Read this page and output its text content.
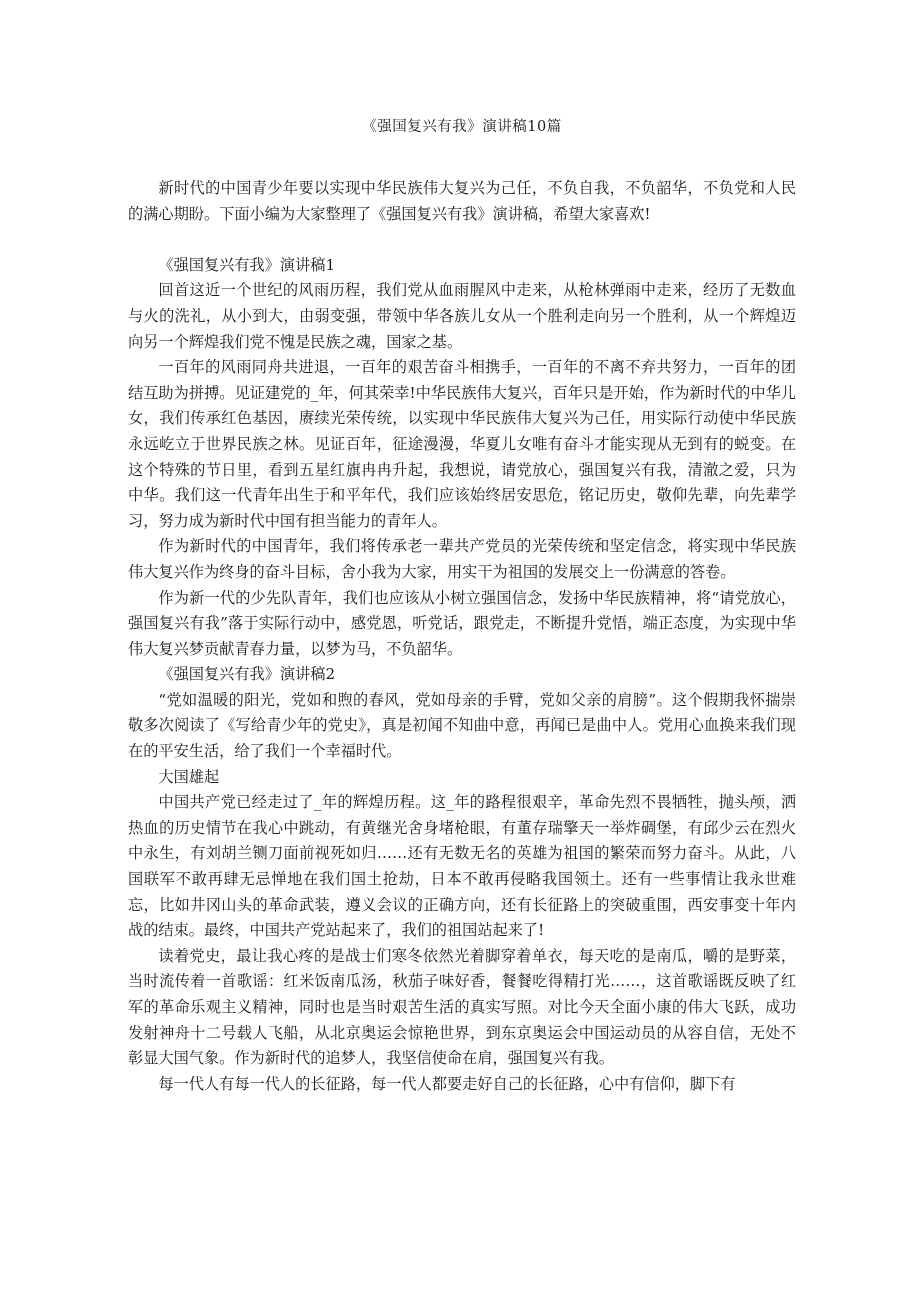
《强国复兴有我》演讲稿10篇

新时代的中国青少年要以实现中华民族伟大复兴为己任，不负自我，不负韶华，不负党和人民的满心期盼。下面小编为大家整理了《强国复兴有我》演讲稿，希望大家喜欢!

《强国复兴有我》演讲稿1

回首这近一个世纪的风雨历程，我们党从血雨腥风中走来，从枪林弹雨中走来，经历了无数血与火的洗礼，从小到大，由弱变强，带领中华各族儿女从一个胜利走向另一个胜利，从一个辉煌迈向另一个辉煌我们党不愧是民族之魂，国家之基。

一百年的风雨同舟共进退，一百年的艰苦奋斗相携手，一百年的不离不弃共努力，一百年的团结互助为拼搏。见证建党的_年，何其荣幸!中华民族伟大复兴，百年只是开始，作为新时代的中华儿女，我们传承红色基因，赓续光荣传统，以实现中华民族伟大复兴为己任，用实际行动使中华民族永远屹立于世界民族之林。见证百年，征途漫漫，华夏儿女唯有奋斗才能实现从无到有的蜕变。在这个特殊的节日里，看到五星红旗冉冉升起，我想说，请党放心，强国复兴有我，清澈之爱，只为中华。我们这一代青年出生于和平年代，我们应该始终居安思危，铭记历史，敬仰先辈，向先辈学习，努力成为新时代中国有担当能力的青年人。

作为新时代的中国青年，我们将传承老一辈共产党员的光荣传统和坚定信念，将实现中华民族伟大复兴作为终身的奋斗目标，舍小我为大家，用实干为祖国的发展交上一份满意的答卷。

作为新一代的少先队青年，我们也应该从小树立强国信念，发扬中华民族精神，将“请党放心，强国复兴有我”落于实际行动中，感党恩，听党话，跟党走，不断提升党悟，端正态度，为实现中华伟大复兴梦贡献青春力量，以梦为马，不负韶华。

《强国复兴有我》演讲稿2

“党如温暖的阳光，党如和煦的春风，党如母亲的手臂，党如父亲的肩膀”。这个假期我怀揣崇敬多次阅读了《写给青少年的党史》，真是初闻不知曲中意，再闻已是曲中人。党用心血换来我们现在的平安生活，给了我们一个幸福时代。

大国雄起

中国共产党已经走过了_年的辉煌历程。这_年的路程很艰辛，革命先烈不畏牺牲，抛头颅，洒热血的历史情节在我心中跳动，有黄继光舍身堵枪眼，有董存瑞擎天一举炸碉堡，有邱少云在烈火中永生，有刘胡兰铡刀面前视死如归……还有无数无名的英雄为祖国的繁荣而努力奋斗。从此，八国联军不敢再肆无忌惮地在我们国土抢劫，日本不敢再侵略我国领土。还有一些事情让我永世难忘，比如井冈山头的革命武装，遵义会议的正确方向，还有长征路上的突破重围，西安事变十年内战的结束。最终，中国共产党站起来了，我们的祖国站起来了!

读着党史，最让我心疼的是战士们寒冬依然光着脚穿着单衣，每天吃的是南瓜，嚼的是野菜，当时流传着一首歌谣：红米饭南瓜汤，秋茄子味好香，餐餐吃得精打光……，这首歌谣既反映了红军的革命乐观主义精神，同时也是当时艰苦生活的真实写照。对比今天全面小康的伟大飞跃，成功发射神舟十二号载人飞船，从北京奥运会惊艳世界，到东京奥运会中国运动员的从容自信，无处不彰显大国气象。作为新时代的追梦人，我坚信使命在肩，强国复兴有我。

每一代人有每一代人的长征路，每一代人都要走好自己的长征路，心中有信仰，脚下有
